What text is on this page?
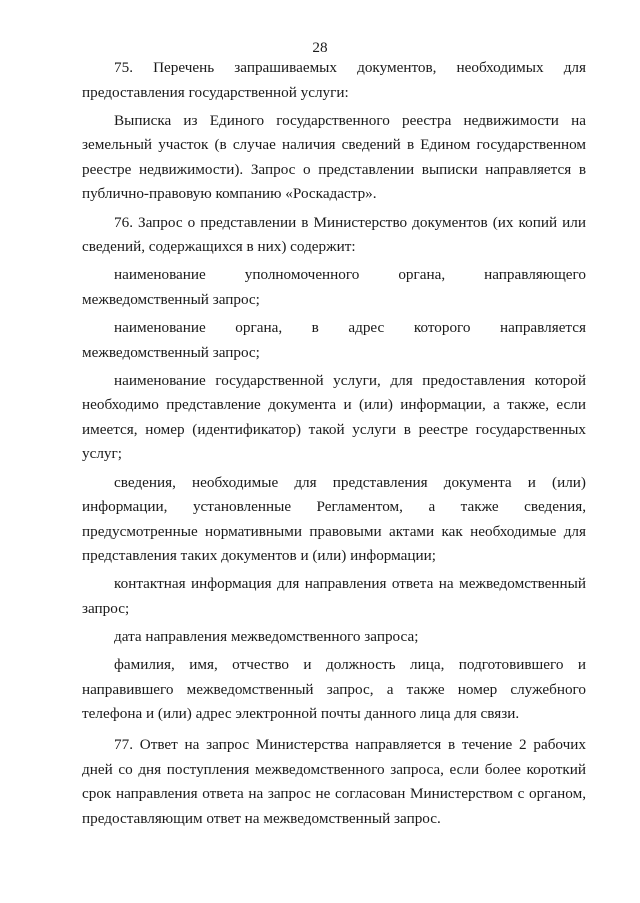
28

75. Перечень запрашиваемых документов, необходимых для предоставления государственной услуги:

Выписка из Единого государственного реестра недвижимости на земельный участок (в случае наличия сведений в Едином государственном реестре недвижимости). Запрос о представлении выписки направляется в публично-правовую компанию «Роскадастр».

76. Запрос о представлении в Министерство документов (их копий или сведений, содержащихся в них) содержит:

наименование уполномоченного органа, направляющего межведомственный запрос;

наименование органа, в адрес которого направляется межведомственный запрос;

наименование государственной услуги, для предоставления которой необходимо представление документа и (или) информации, а также, если имеется, номер (идентификатор) такой услуги в реестре государственных услуг;

сведения, необходимые для представления документа и (или) информации, установленные Регламентом, а также сведения, предусмотренные нормативными правовыми актами как необходимые для представления таких документов и (или) информации;

контактная информация для направления ответа на межведомственный запрос;

дата направления межведомственного запроса;

фамилия, имя, отчество и должность лица, подготовившего и направившего межведомственный запрос, а также номер служебного телефона и (или) адрес электронной почты данного лица для связи.

77. Ответ на запрос Министерства направляется в течение 2 рабочих дней со дня поступления межведомственного запроса, если более короткий срок направления ответа на запрос не согласован Министерством с органом, предоставляющим ответ на межведомственный запрос.
